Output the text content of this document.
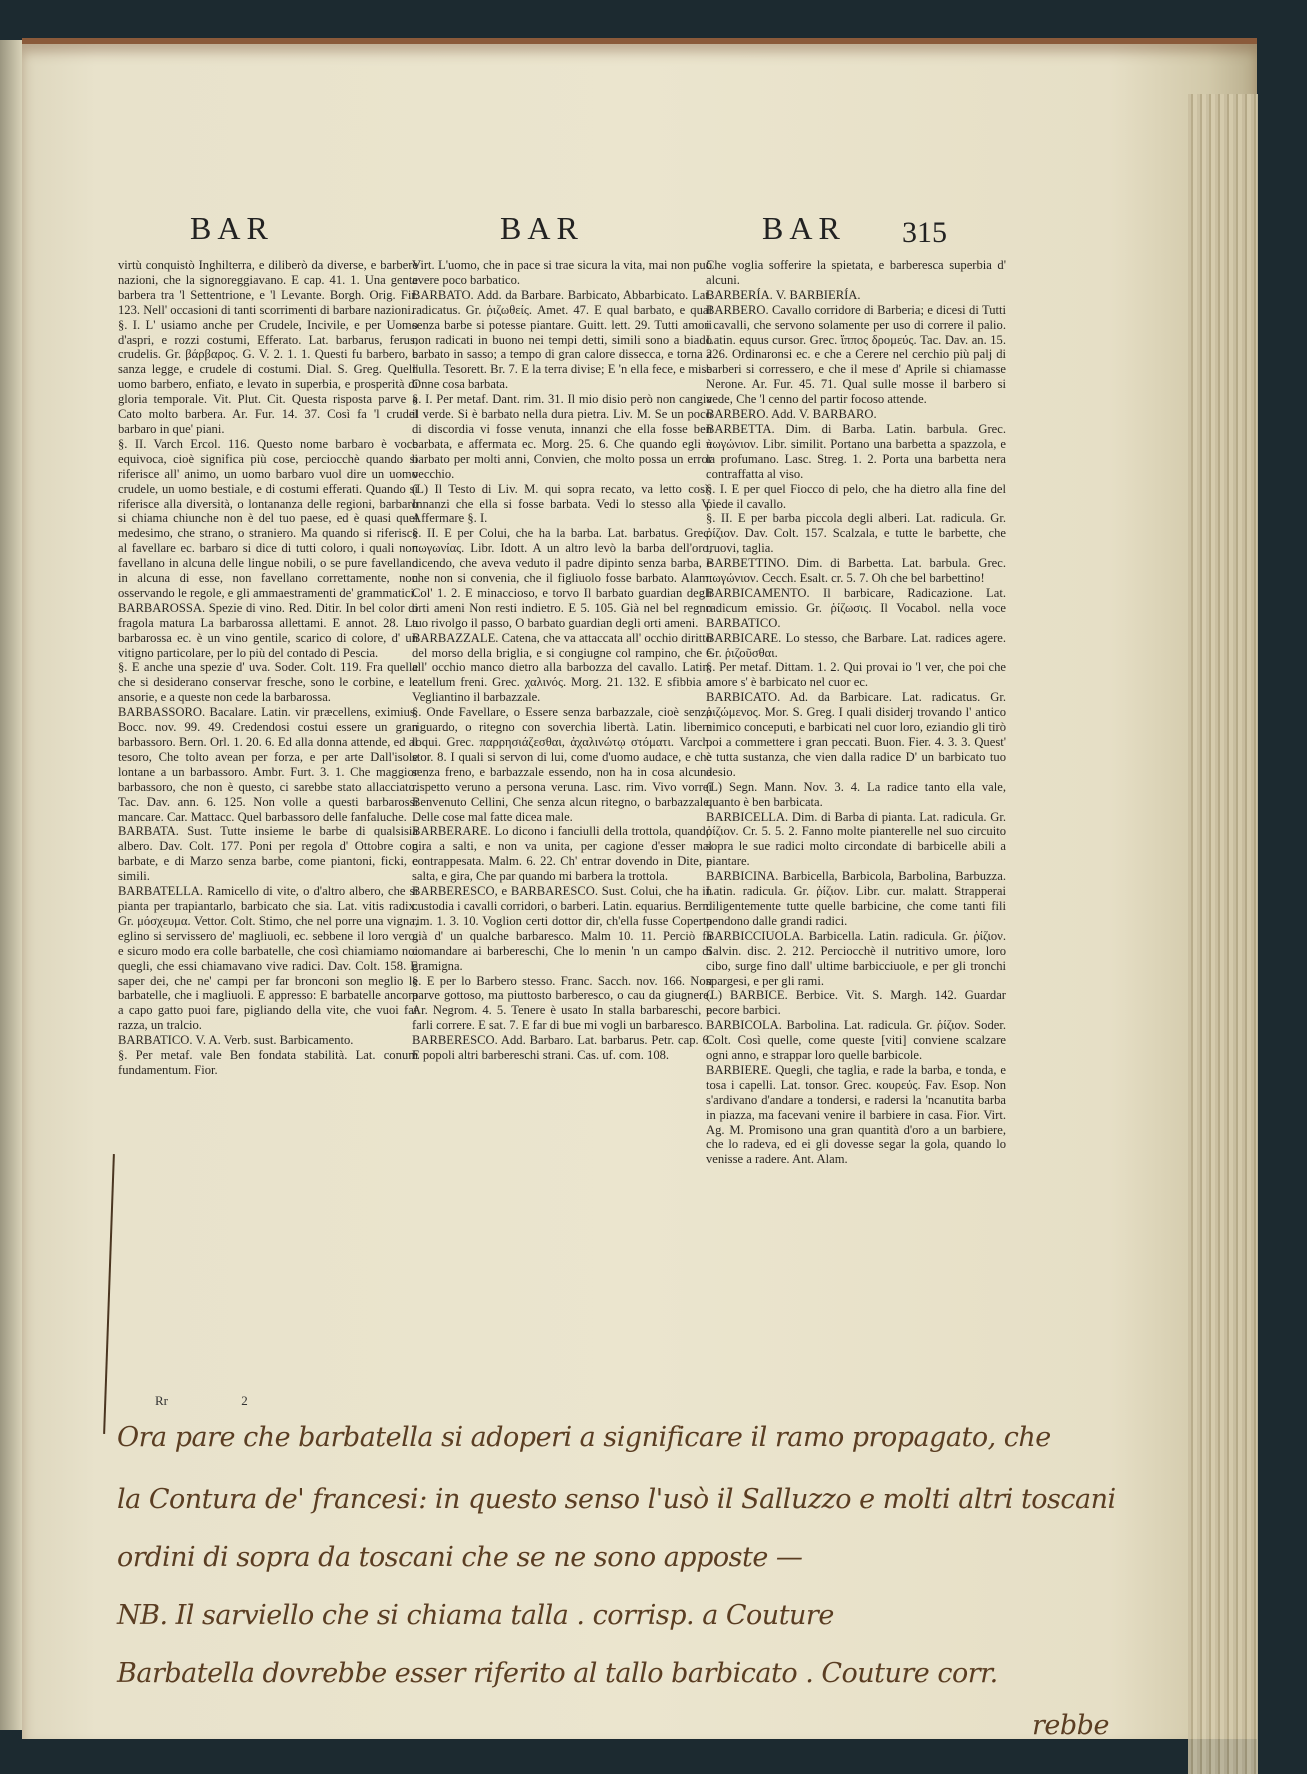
BAR	BAR	BAR 315

virtù conquistò Inghilterra, e diliberò da diverse, e barbere nazioni, che la signoreggiavano. E cap. 41. 1. Una gente barbera tra 'l Settentrione, e 'l Levante. Borgh. Orig. Fir. 123. Nell' occasioni di tanti scorrimenti di barbare nazioni.

§. I. L' usiamo anche per Crudele, Incivile, e per Uomo d'aspri, e rozzi costumi, Efferato. Lat. barbarus, ferus, crudelis. Gr. βάρβαρος. G. V. 2. 1. 1. Questi fu barbero, e sanza legge, e crudele di costumi. Dial. S. Greg. Quell' uomo barbero, enfiato, e levato in superbia, e prosperità di gloria temporale. Vit. Plut. Cit. Questa risposta parve a Cato molto barbera. Ar. Fur. 14. 37. Così fa 'l crudel barbaro in que' piani.

§. II. Varch Ercol. 116. Questo nome barbaro è voce equivoca, cioè significa più cose, perciocchè quando si riferisce all' animo, un uomo barbaro vuol dire un uomo crudele, un uomo bestiale, e di costumi efferati. Quando si riferisce alla diversità, o lontananza delle regioni, barbaro si chiama chiunche non è del tuo paese, ed è quasi quel medesimo, che strano, o straniero. Ma quando si riferisce al favellare ec. barbaro si dice di tutti coloro, i quali non favellano in alcuna delle lingue nobili, o se pure favellano in alcuna di esse, non favellano correttamente, non osservando le regole, e gli ammaestramenti de' grammatici.

BARBAROSSA. Spezie di vino. Red. Ditir. In bel color di fragola matura La barbarossa allettami. E annot. 28. La barbarossa ec. è un vino gentile, scarico di colore, d' un vitigno particolare, per lo più del contado di Pescia.

§. E anche una spezie d' uva. Soder. Colt. 119. Fra quelle che si desiderano conservar fresche, sono le corbine, e le ansorie, e a queste non cede la barbarossa.

BARBASSORO. Bacalare. Latin. vir præcellens, eximius. Bocc. nov. 99. 49. Credendosi costui essere un gran barbassoro. Bern. Orl. 1. 20. 6. Ed alla donna attende, ed al tesoro, Che tolto avean per forza, e per arte Dall'isole lontane a un barbassoro. Ambr. Furt. 3. 1. Che maggior barbassoro, che non è questo, ci sarebbe stato allacciato. Tac. Dav. ann. 6. 125. Non volle a questi barbarossi mancare. Car. Mattacc. Quel barbassoro delle fanfaluche.

BARBATA. Sust. Tutte insieme le barbe di qualsisia albero. Dav. Colt. 177. Poni per regola d' Ottobre con barbate, e di Marzo senza barbe, come piantoni, ficki, e simili.

BARBATELLA. Ramicello di vite, o d'altro albero, che si pianta per trapiantarlo, barbicato che sia. Lat. vitis radix. Gr. μόσχευμα. Vettor. Colt. Stimo, che nel porre una vigna, eglino si servissero de' magliuoli, ec. sebbene il loro vero, e sicuro modo era colle barbatelle, che così chiamiamo noi quegli, che essi chiamavano vive radici. Dav. Colt. 158. E saper dei, che ne' campi per far bronconi son meglio le barbatelle, che i magliuoli. E appresso: E barbatelle ancora a capo gatto puoi fare, pigliando della vite, che vuoi far razza, un tralcio.

BARBATICO. V. A. Verb. sust. Barbicamento.

§. Per metaf. vale Ben fondata stabilità. Lat. conum fundamentum. Fior.

Virt. L'uomo, che in pace si trae sicura la vita, mai non può avere poco barbatico.

BARBATO. Add. da Barbare. Barbicato, Abbarbicato. Lat. radicatus. Gr. ῥιζωθείς. Amet. 47. E qual barbato, e qual senza barbe si potesse piantare. Guitt. lett. 29. Tutti amori non radicati in buono nei tempi detti, simili sono a biado barbato in sasso; a tempo di gran calore dissecca, e torna a nulla. Tesorett. Br. 7. E la terra divise; E 'n ella fece, e mise Onne cosa barbata.

§. I. Per metaf. Dant. rim. 31. Il mio disio però non cangia il verde. Si è barbato nella dura pietra. Liv. M. Se un poco di discordia vi fosse venuta, innanzi che ella fosse ben barbata, e affermata ec. Morg. 25. 6. Che quando egli è barbato per molti anni, Convien, che molto possa un error vecchio.

(L) Il Testo di Liv. M. qui sopra recato, va letto così: Innanzi che ella si fosse barbata. Vedi lo stesso alla V. Affermare §. I.

§. II. E per Colui, che ha la barba. Lat. barbatus. Grec. πωγωνίας. Libr. Idott. A un altro levò la barba dell'oro, dicendo, che aveva veduto il padre dipinto senza barba, e che non si convenia, che il figliuolo fosse barbato. Alam. Col' 1. 2. E minaccioso, e torvo Il barbato guardian degli orti ameni Non resti indietro. E 5. 105. Già nel bel regno tuo rivolgo il passo, O barbato guardian degli orti ameni.

BARBAZZALE. Catena, che va attaccata all' occhio diritto del morso della briglia, e si congiugne col rampino, che è all' occhio manco dietro alla barbozza del cavallo. Latin. catellum freni. Grec. χαλινός. Morg. 21. 132. E sfibbia a Vegliantino il barbazzale.

§. Onde Favellare, o Essere senza barbazzale, cioè senza riguardo, o ritegno con soverchia libertà. Latin. libere loqui. Grec. παρρησιάζεσθαι, ἀχαλινώτῳ στόματι. Varch. stor. 8. I quali si servon di lui, come d'uomo audace, e che senza freno, e barbazzale essendo, non ha in cosa alcuna rispetto veruno a persona veruna. Lasc. rim. Vivo vorrei Benvenuto Cellini, Che senza alcun ritegno, o barbazzale, Delle cose mal fatte dicea male.

BARBERARE. Lo dicono i fanciulli della trottola, quando gira a salti, e non va unita, per cagione d'esser mal contrappesata. Malm. 6. 22. Ch' entrar dovendo in Dite, e salta, e gira, Che par quando mi barbera la trottola.

BARBERESCO, e BARBARESCO. Sust. Colui, che ha in custodia i cavalli corridori, o barberi. Latin. equarius. Bern. rim. 1. 3. 10. Voglion certi dottor dir, ch'ella fusse Coperta già d' un qualche barbaresco. Malm 10. 11. Perciò fa comandare ai barbereschi, Che lo menin 'n un campo di gramigna.

§. E per lo Barbero stesso. Franc. Sacch. nov. 166. Non parve gottoso, ma piuttosto barberesco, o cau da giugnere. Ar. Negrom. 4. 5. Tenere è usato In stalla barbareschi, e farli correre. E sat. 7. E far di bue mi vogli un barbaresco.

BARBERESCO. Add. Barbaro. Lat. barbarus. Petr. cap. 6. E popoli altri barbereschi strani. Cas. uf. com. 108.

Che voglia sofferire la spietata, e barberesca superbia d' alcuni.

BARBERÍA. V. BARBIERÍA.

BARBERO. Cavallo corridore di Barberia; e dicesi di Tutti i cavalli, che servono solamente per uso di correre il palio. Latin. equus cursor. Grec. ἵππος δρομεύς. Tac. Dav. an. 15. 226. Ordinaronsi ec. e che a Cerere nel cerchio più palj di barberi si corressero, e che il mese d' Aprile si chiamasse Nerone. Ar. Fur. 45. 71. Qual sulle mosse il barbero si vede, Che 'l cenno del partir focoso attende.

BARBERO. Add. V. BARBARO.

BARBETTA. Dim. di Barba. Latin. barbula. Grec. πωγώνιον. Libr. similit. Portano una barbetta a spazzola, e la profumano. Lasc. Streg. 1. 2. Porta una barbetta nera contraffatta al viso.

§. I. E per quel Fiocco di pelo, che ha dietro alla fine del piede il cavallo.

§. II. E per barba piccola degli alberi. Lat. radicula. Gr. ῥίζιον. Dav. Colt. 157. Scalzala, e tutte le barbette, che truovi, taglia.

BARBETTINO. Dim. di Barbetta. Lat. barbula. Grec. πωγώνιον. Cecch. Esalt. cr. 5. 7. Oh che bel barbettino!

BARBICAMENTO. Il barbicare, Radicazione. Lat. radicum emissio. Gr. ῥίζωσις. Il Vocabol. nella voce BARBATICO.

BARBICARE. Lo stesso, che Barbare. Lat. radices agere. Gr. ῥιζοῦσθαι.

§. Per metaf. Dittam. 1. 2. Qui provai io 'l ver, che poi che amore s' è barbicato nel cuor ec.

BARBICATO. Ad. da Barbicare. Lat. radicatus. Gr. ῥιζώμενος. Mor. S. Greg. I quali disiderj trovando l' antico nimico conceputi, e barbicati nel cuor loro, eziandio gli tirò poi a commettere i gran peccati. Buon. Fier. 4. 3. 3. Quest' è tutta sustanza, che vien dalla radice D' un barbicato tuo desio.

(L) Segn. Mann. Nov. 3. 4. La radice tanto ella vale, quanto è ben barbicata.

BARBICELLA. Dim. di Barba di pianta. Lat. radicula. Gr. ῥίζιον. Cr. 5. 5. 2. Fanno molte pianterelle nel suo circuito sopra le sue radici molto circondate di barbicelle abili a piantare.

BARBICINA. Barbicella, Barbicola, Barbolina, Barbuzza. Latin. radicula. Gr. ῥίζιον. Libr. cur. malatt. Strapperai diligentemente tutte quelle barbicine, che come tanti fili pendono dalle grandi radici.

BARBICCIUOLA. Barbicella. Latin. radicula. Gr. ῥίζιον. Salvin. disc. 2. 212. Perciocchè il nutritivo umore, loro cibo, surge fino dall' ultime barbicciuole, e per gli tronchi spargesi, e per gli rami.

(L) BARBICE. Berbice. Vit. S. Margh. 142. Guardar pecore barbici.

BARBICOLA. Barbolina. Lat. radicula. Gr. ῥίζιον. Soder. Colt. Così quelle, come queste [viti] conviene scalzare ogni anno, e strappar loro quelle barbicole.

BARBIERE. Quegli, che taglia, e rade la barba, e tonda, e tosa i capelli. Lat. tonsor. Grec. κουρεύς. Fav. Esop. Non s'ardivano d'andare a tondersi, e radersi la 'ncanutita barba in piazza, ma facevani venire il barbiere in casa. Fior. Virt. Ag. M. Promisono una gran quantità d'oro a un barbiere, che lo radeva, ed ei gli dovesse segar la gola, quando lo venisse a radere. Ant. Alam.

Rr 2
Ora pare che barbatella si adoperi a significare il ramo propagato, che
la Contura de' francesi: in questo senso l'usò il Salluzzo e molti altri toscani
ordini di sopra da toscani che se ne sono apposte —
NB. Il sarviello che si chiama talla . corrisp. a Couture
Barbatella dovrebbe esser riferito al tallo barbicato . Couture corr.
rebbe
